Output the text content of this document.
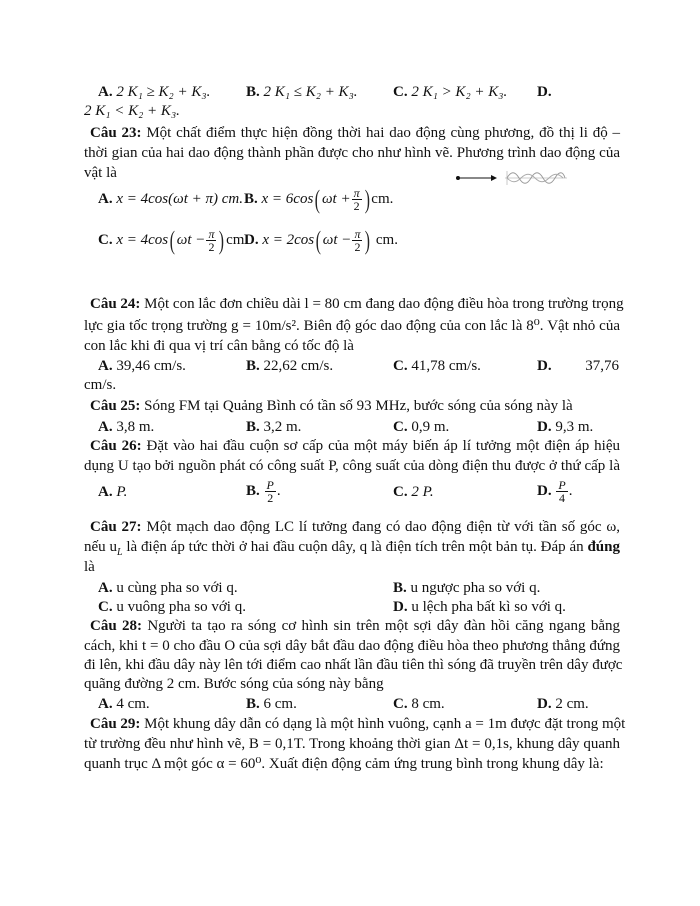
A. 2 K₁ ≥ K₂ + K₃. B. 2 K₁ ≤ K₂ + K₃. C. 2 K₁ > K₂ + K₃. D.
2 K₁ < K₂ + K₃.
Câu 23: Một chất điểm thực hiện đồng thời hai dao động cùng phương, đồ thị li độ –
thời gian của hai dao động thành phần được cho như hình vẽ. Phương trình dao động của
vật là
A. x = 4cos(ωt + π) cm. B. x = 6cos( $\omega t + \frac{\pi}{2}$ ) cm.
C. x = 4cos( $\omega t - \frac{\pi}{2}$ ) cm.
D. x = 2cos( $\omega t - \frac{\pi}{2}$ ) cm.
Câu 24: Một con lắc đơn chiều dài l = 80 cm đang dao động điều hòa trong trường trọng
lực gia tốc trọng trường g = 10m/s². Biên độ góc dao động của con lắc là 8⁰. Vật nhỏ của
con lắc khi đi qua vị trí cân bằng có tốc độ là
A. 39,46 cm/s.	B. 22,62 cm/s.	C. 41,78 cm/s.	D. 37,76
cm/s.
Câu 25: Sóng FM tại Quảng Bình có tần số 93 MHz, bước sóng của sóng này là
A. 3,8 m.	B. 3,2 m.	C. 0,9 m.	D. 9,3 m.
Câu 26: Đặt vào hai đầu cuộn sơ cấp của một máy biến áp lí tưởng một điện áp hiệu
dụng U tạo bởi nguồn phát có công suất P, công suất của dòng điện thu được ở thứ cấp là
A. P.	B. $\frac{P}{2}$ .	C. 2 P.	D. $\frac{P}{4}$ .
Câu 27: Một mạch dao động LC lí tưởng đang có dao động điện từ với tần số góc ω,
nếu $u_L$ là điện áp tức thời ở hai đầu cuộn dây, q là điện tích trên một bản tụ. Đáp án đúng
là
A. u cùng pha so với q.	B. u ngược pha so với q.
C. u vuông pha so với q.	D. u lệch pha bất kì so với q.
Câu 28: Người ta tạo ra sóng cơ hình sin trên một sợi dây đàn hồi căng ngang bằng
cách, khi t = 0 cho đầu O của sợi dây bắt đầu dao động điều hòa theo phương thẳng đứng
đi lên, khi đầu dây này lên tới điểm cao nhất lần đầu tiên thì sóng đã truyền trên dây được
quãng đường 2 cm. Bước sóng của sóng này bằng
A. 4 cm.	B. 6 cm.	C. 8 cm.	D. 2 cm.
Câu 29: Một khung dây dẫn có dạng là một hình vuông, cạnh a = 1m được đặt trong một
từ trường đều như hình vẽ, B = 0,1T. Trong khoảng thời gian Δt = 0,1s, khung dây quanh
quanh trục Δ một góc α = 60⁰. Xuất điện động cảm ứng trung bình trong khung dây là:
